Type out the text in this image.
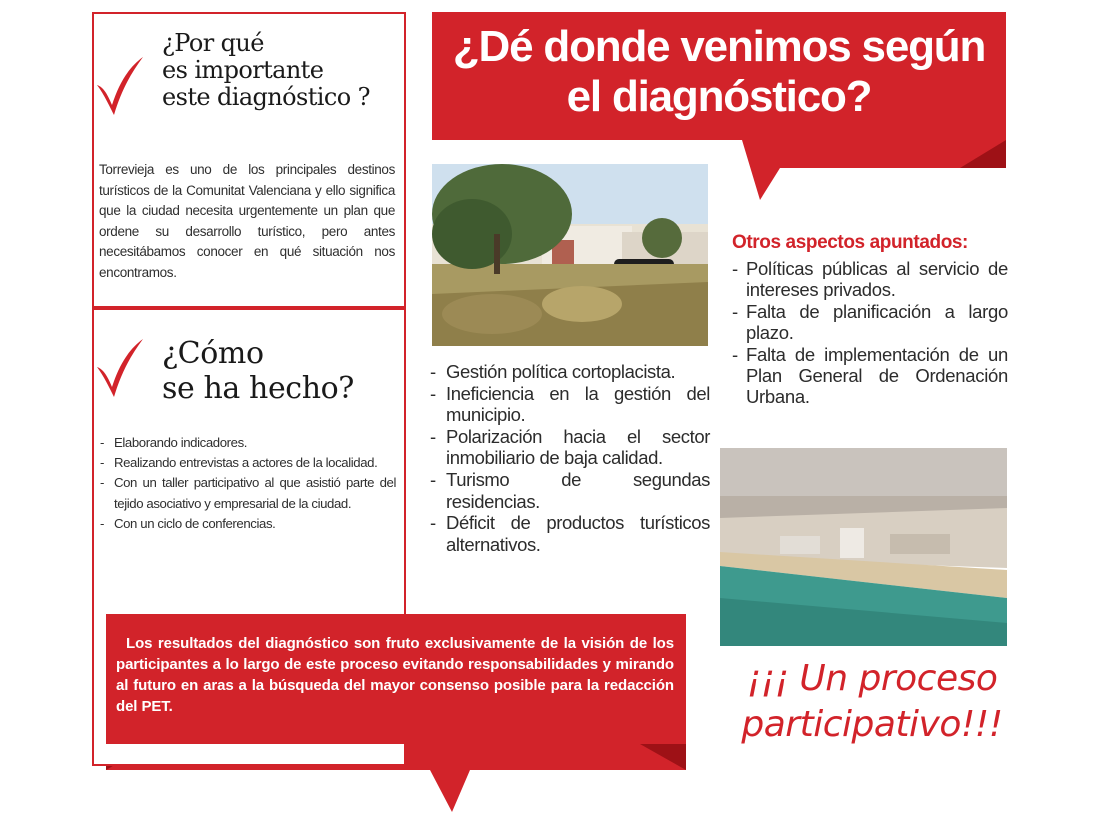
¿Por qué
es importante
este diagnóstico ?
Torrevieja es uno de los principales destinos turísticos de la Comunitat Valenciana y ello significa que la ciudad necesita urgentemente un plan que ordene su desarrollo turístico, pero antes necesitábamos conocer en qué situación nos encontramos.
¿Cómo
se ha hecho?
- Elaborando indicadores.
- Realizando entrevistas a actores de la localidad.
- Con un taller participativo al que asistió parte del tejido asociativo y empresarial de la ciudad.
- Con un ciclo de conferencias.
¿Dé donde venimos según
el diagnóstico?
- Gestión política cortoplacista.
- Ineficiencia en la gestión del municipio.
- Polarización hacia el sector inmobiliario de baja calidad.
- Turismo de segundas residencias.
- Déficit de productos turísticos alternativos.
Otros aspectos apuntados:
- Políticas públicas al servicio de intereses privados.
- Falta de planificación a largo plazo.
- Falta de implementación de un Plan General de Ordenación Urbana.
Los resultados del diagnóstico son fruto exclusivamente de la visión de los participantes a lo largo de este proceso evitando responsabilidades y mirando al futuro en aras a la búsqueda del mayor consenso posible para la redacción del PET.
¡¡¡ Un proceso
participativo!!!
